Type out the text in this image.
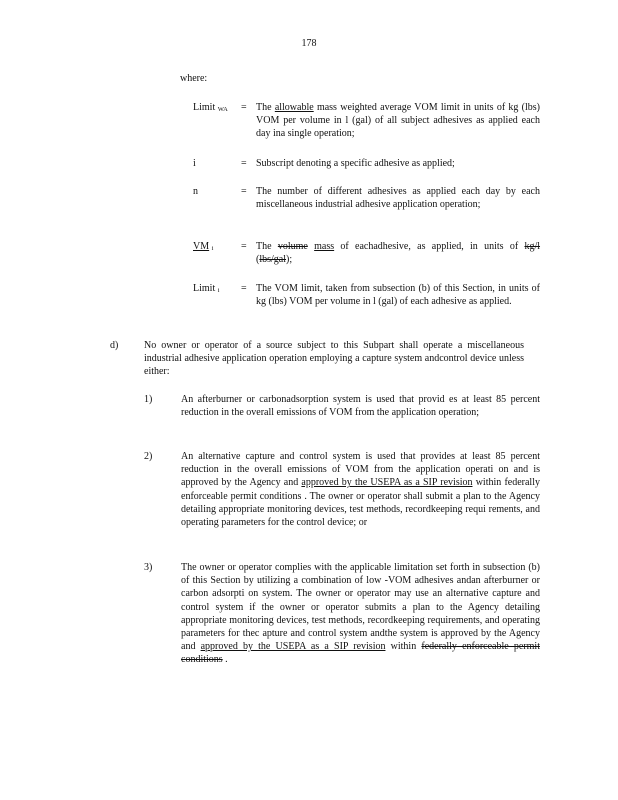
178
where:
Limit WA	= The allowable mass weighted average VOM limit in units of kg (lbs) VOM per volume in l (gal) of all subject adhesives as applied each day ina single operation;
i	= Subscript denoting a specific adhesive as applied;
n	= The number of different adhesives as applied each day by each miscellaneous industrial adhesive application operation;
VM i	= The volume mass of eachadhesive, as applied, in units of kg/l (lbs/gal);
Limit i	= The VOM limit, taken from subsection (b) of this Section, in units of kg (lbs) VOM per volume in l (gal) of each adhesive as applied.
d)	No owner or operator of a source subject to this Subpart shall operate a miscellaneous industrial adhesive application operation employing a capture system andcontrol device unless either:
1)	An afterburner or carbonadsorption system is used that provid es at least 85 percent reduction in the overall emissions of VOM from the application operation;
2)	An alternative capture and control system is used that provides at least 85 percent reduction in the overall emissions of VOM from the application operati on and is approved by the Agency and approved by the USEPA as a SIP revision within federally enforceable permit conditions . The owner or operator shall submit a plan to the Agency detailing appropriate monitoring devices, test methods, recordkeeping requi rements, and operating parameters for the control device; or
3)	The owner or operator complies with the applicable limitation set forth in subsection (b) of this Section by utilizing a combination of low -VOM adhesives andan afterburner or carbon adsorpti on system. The owner or operator may use an alternative capture and control system if the owner or operator submits a plan to the Agency detailing appropriate monitoring devices, test methods, recordkeeping requirements, and operating parameters for thec apture and control system andthe system is approved by the Agency and approved by the USEPA as a SIP revision within federally enforceable permit conditions .
